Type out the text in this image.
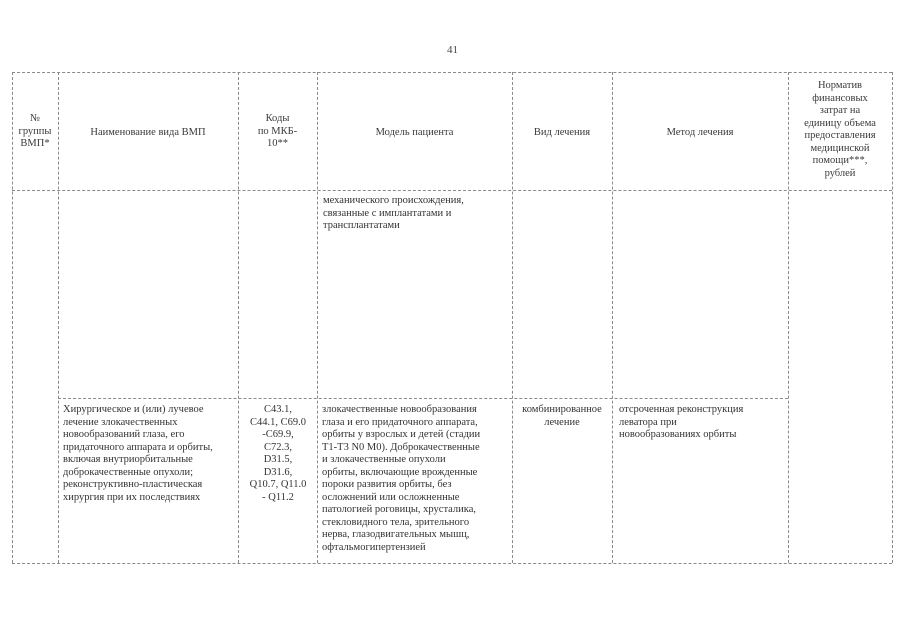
41
№
группы
ВМП*
Наименование вида ВМП
Коды
по МКБ-
10**
Модель пациента	Вид лечения	Метод лечения
Норматив
финансовых
затрат на
единицу объема
предоставления
медицинской
помощи***,
рублей
механического происхождения,
связанные с имплантатами и
трансплантатами
Хирургическое и (или) лучевое
лечение злокачественных
новообразований глаза, его
придаточного аппарата и орбиты,
включая внутриорбитальные
доброкачественные опухоли;
реконструктивно-пластическая
хирургия при их последствиях
C43.1,
C44.1, C69.0
-C69.9,
C72.3,
D31.5,
D31.6,
Q10.7, Q11.0
- Q11.2
злокачественные новообразования
глаза и его придаточного аппарата,
орбиты у взрослых и детей (стадии
T1-T3 N0 M0). Доброкачественные
и злокачественные опухоли
орбиты, включающие врожденные
пороки развития орбиты, без
осложнений или осложненные
патологией роговицы, хрусталика,
стекловидного тела, зрительного
нерва, глазодвигательных мышц,
офтальмогипертензией
комбинированное
лечение
отсроченная реконструкция
леватора при
новообразованиях орбиты
